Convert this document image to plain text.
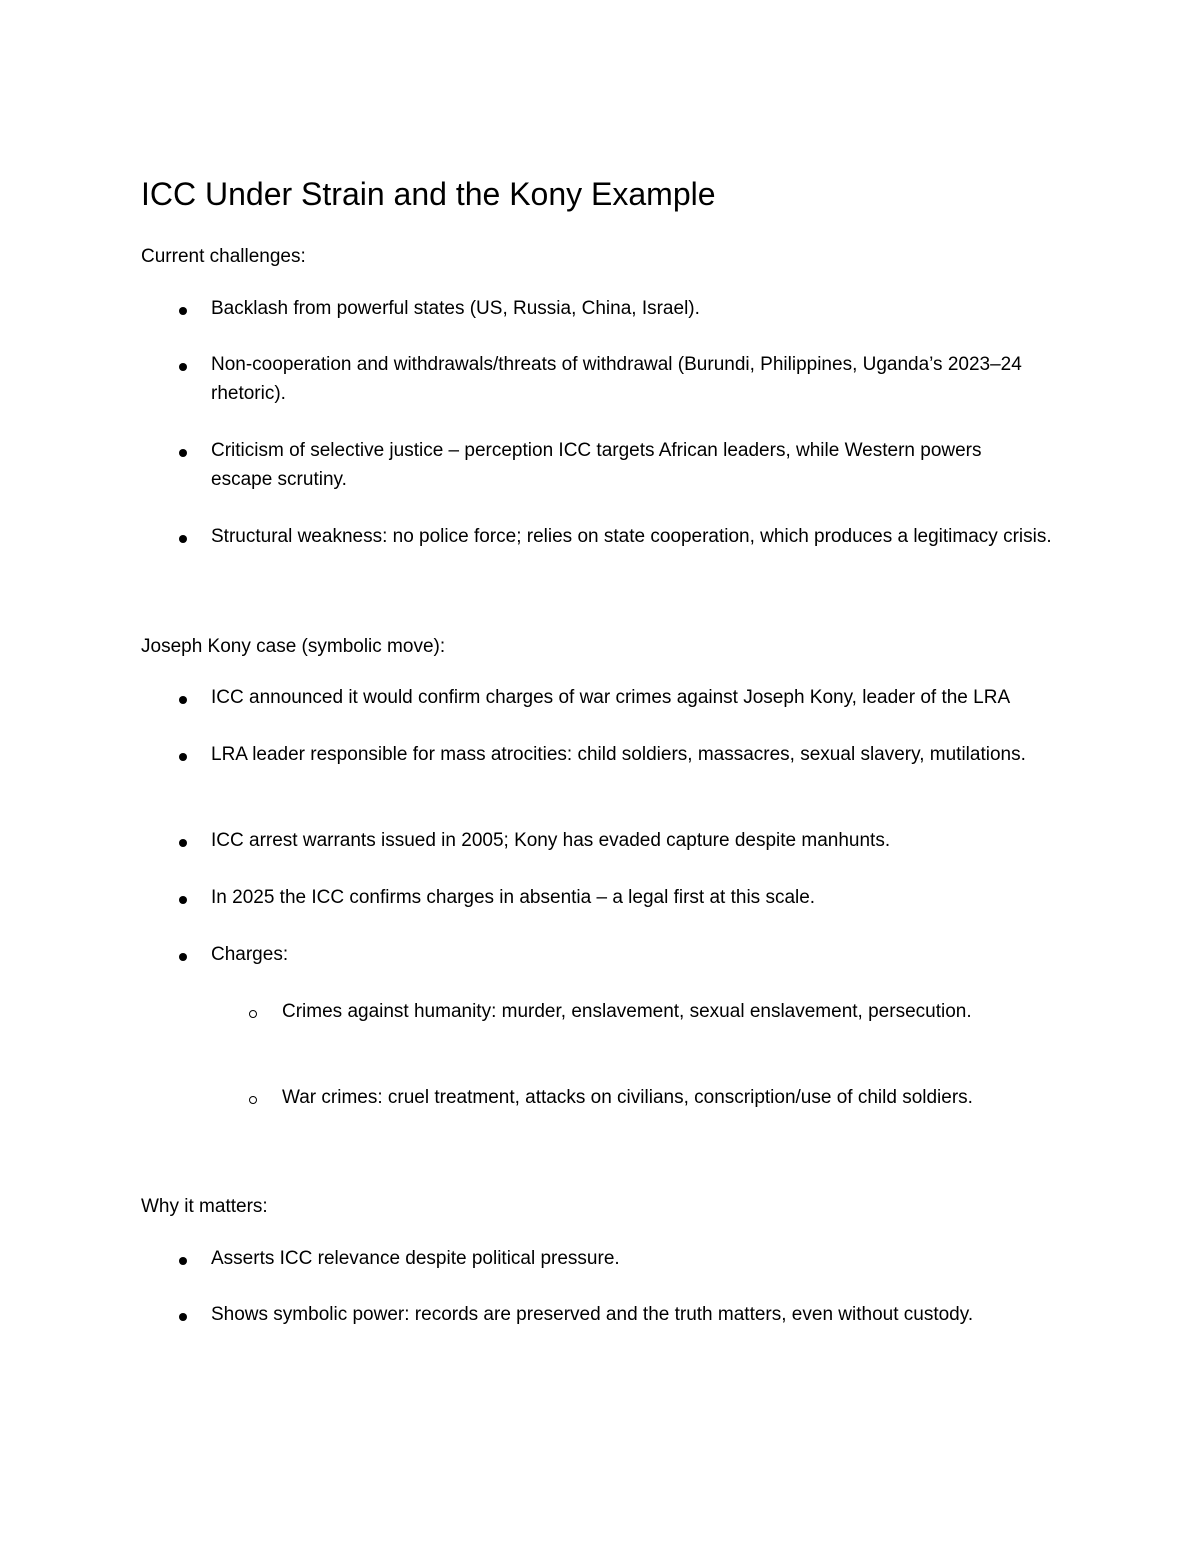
ICC Under Strain and the Kony Example

Current challenges:

Backlash from powerful states (US, Russia, China, Israel).

Non-cooperation and withdrawals/threats of withdrawal (Burundi, Philippines, Uganda’s 2023–24 rhetoric).

Criticism of selective justice – perception ICC targets African leaders, while Western powers escape scrutiny.

Structural weakness: no police force; relies on state cooperation, which produces a legitimacy crisis.

Joseph Kony case (symbolic move):

ICC announced it would confirm charges of war crimes against Joseph Kony, leader of the LRA

LRA leader responsible for mass atrocities: child soldiers, massacres, sexual slavery, mutilations.

ICC arrest warrants issued in 2005; Kony has evaded capture despite manhunts.

In 2025 the ICC confirms charges in absentia – a legal first at this scale.

Charges:

Crimes against humanity: murder, enslavement, sexual enslavement, persecution.

War crimes: cruel treatment, attacks on civilians, conscription/use of child soldiers.

Why it matters:

Asserts ICC relevance despite political pressure.

Shows symbolic power: records are preserved and the truth matters, even without custody.
